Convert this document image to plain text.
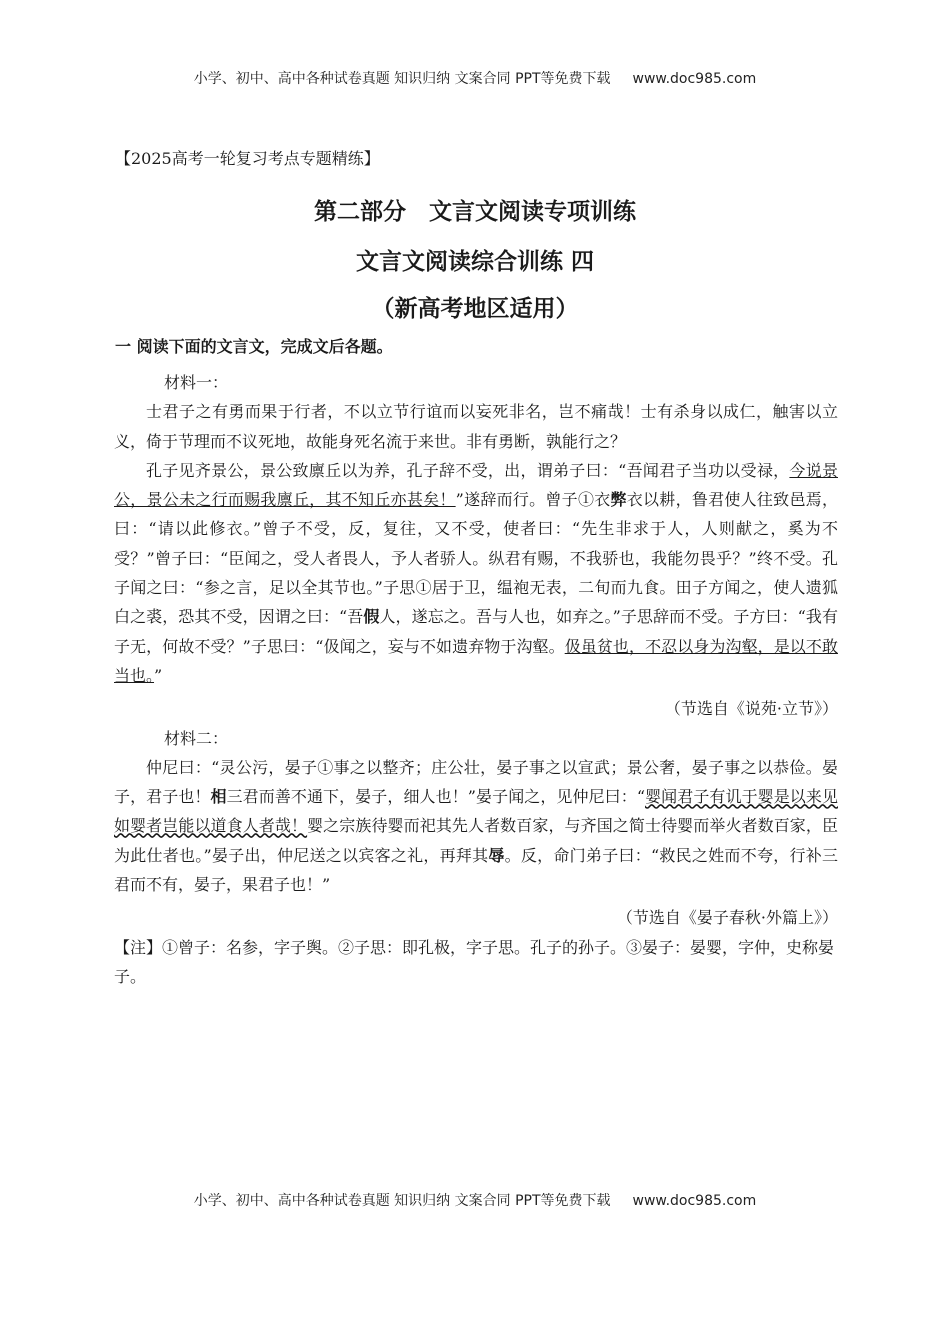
小学、初中、高中各种试卷真题 知识归纳 文案合同 PPT等免费下载 www.doc985.com
【2025高考一轮复习考点专题精练】
第二部分　文言文阅读专项训练
文言文阅读综合训练 四
（新高考地区适用）
一 阅读下面的文言文，完成文后各题。
材料一：

士君子之有勇而果于行者，不以立节行谊而以妄死非名，岂不痛哉！士有杀身以成仁，触害以立义，倚于节理而不议死地，故能身死名流于来世。非有勇断，孰能行之？

孔子见齐景公，景公致廪丘以为养，孔子辞不受，出，谓弟子曰：“吾闻君子当功以受禄，今说景公，景公未之行而赐我廪丘，其不知丘亦甚矣！”遂辞而行。曾子①衣弊衣以耕，鲁君使人往致邑焉，曰：“请以此修衣。”曾子不受，反，复往，又不受，使者曰：“先生非求于人，人则献之，奚为不受？”曾子曰：“臣闻之，受人者畏人，予人者骄人。纵君有赐，不我骄也，我能勿畏乎？”终不受。孔子闻之曰：“参之言，足以全其节也。”子思①居于卫，缊袍无表，二旬而九食。田子方闻之，使人遗狐白之裘，恐其不受，因谓之曰：“吾假人，遂忘之。吾与人也，如弃之。”子思辞而不受。子方曰：“我有子无，何故不受？”子思曰：“伋闻之，妄与不如遗弃物于沟壑。伋虽贫也，不忍以身为沟壑，是以不敢当也。”

（节选自《说苑·立节》）

材料二：

仲尼曰：“灵公污，晏子①事之以整齐；庄公壮，晏子事之以宣武；景公奢，晏子事之以恭俭。晏子，君子也！相三君而善不通下，晏子，细人也！”晏子闻之，见仲尼曰：“婴闻君子有讥于婴是以来见如婴者岂能以道食人者哉！婴之宗族待婴而祀其先人者数百家，与齐国之简士待婴而举火者数百家，臣为此仕者也。”晏子出，仲尼送之以宾客之礼，再拜其辱。反，命门弟子曰：“救民之姓而不夸，行补三君而不有，晏子，果君子也！”

（节选自《晏子春秋·外篇上》）

【注】①曾子：名参，字子舆。②子思：即孔极，字子思。孔子的孙子。③晏子：晏婴，字仲，史称晏子。

小学、初中、高中各种试卷真题 知识归纳 文案合同 PPT等免费下载 www.doc985.com
